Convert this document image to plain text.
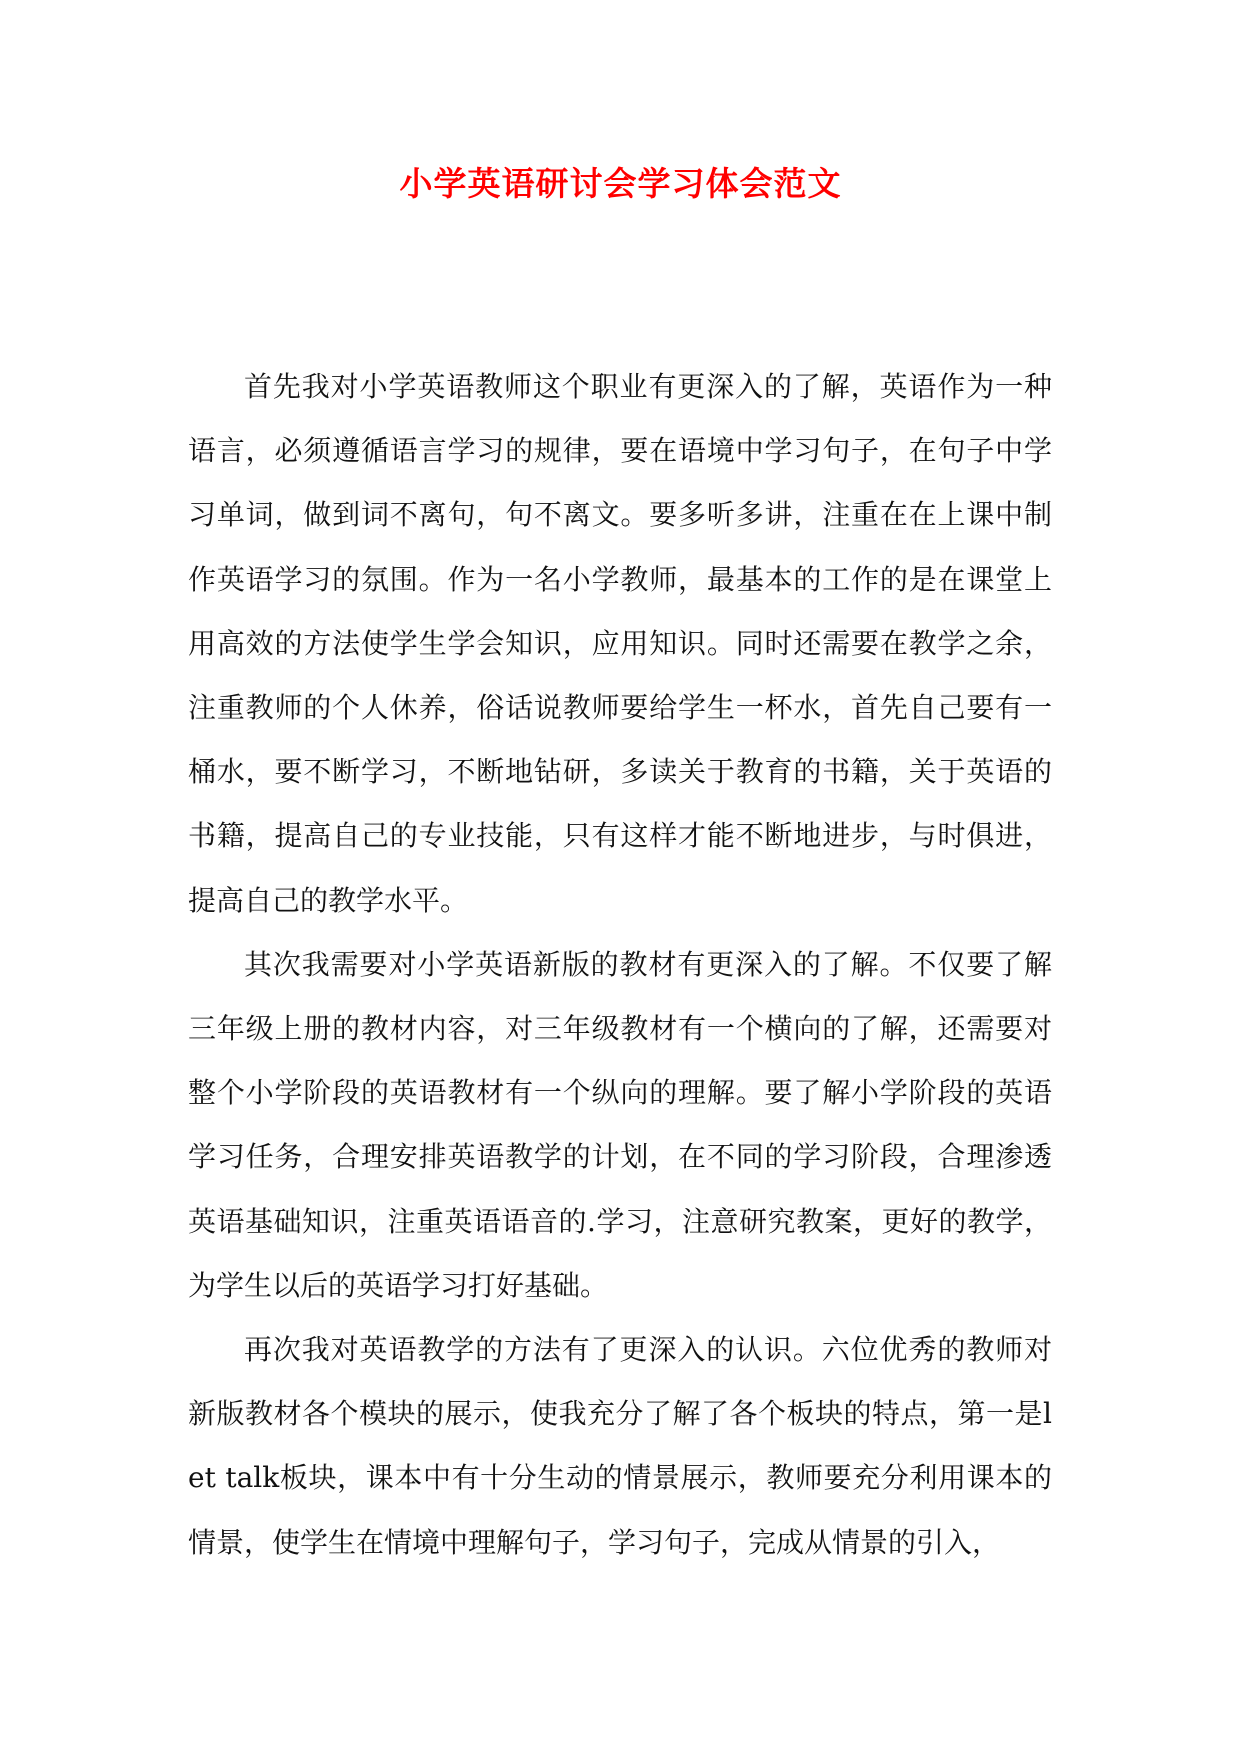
小学英语研讨会学习体会范文

首先我对小学英语教师这个职业有更深入的了解，英语作为一种语言，必须遵循语言学习的规律，要在语境中学习句子，在句子中学习单词，做到词不离句，句不离文。要多听多讲，注重在在上课中制作英语学习的氛围。作为一名小学教师，最基本的工作的是在课堂上用高效的方法使学生学会知识，应用知识。同时还需要在教学之余，注重教师的个人休养，俗话说教师要给学生一杯水，首先自己要有一桶水，要不断学习，不断地钻研，多读关于教育的书籍，关于英语的书籍，提高自己的专业技能，只有这样才能不断地进步，与时俱进，提高自己的教学水平。

其次我需要对小学英语新版的教材有更深入的了解。不仅要了解三年级上册的教材内容，对三年级教材有一个横向的了解，还需要对整个小学阶段的英语教材有一个纵向的理解。要了解小学阶段的英语学习任务，合理安排英语教学的计划，在不同的学习阶段，合理渗透英语基础知识，注重英语语音的.学习，注意研究教案，更好的教学，为学生以后的英语学习打好基础。

再次我对英语教学的方法有了更深入的认识。六位优秀的教师对新版教材各个模块的展示，使我充分了解了各个板块的特点，第一是let talk板块，课本中有十分生动的情景展示，教师要充分利用课本的情景，使学生在情境中理解句子，学习句子，完成从情景的引入，
